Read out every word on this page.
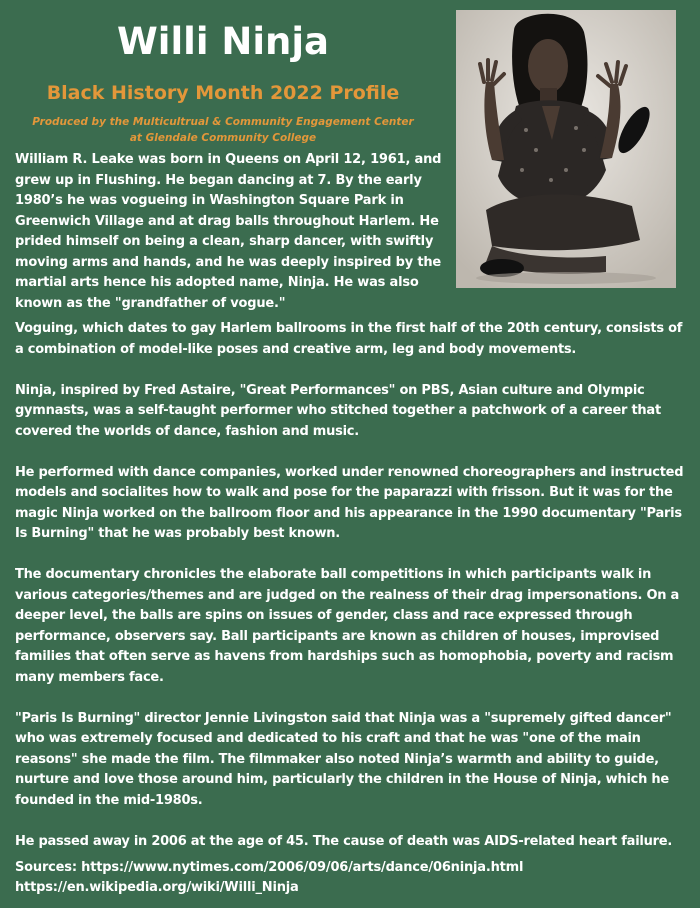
Willi Ninja
Black History Month 2022 Profile
Produced by the Multicultrual & Community Engagement Center
at Glendale Community College
William R. Leake was born in Queens on April 12, 1961, and grew up in Flushing. He began dancing at 7. By the early 1980’s he was vogueing in Washington Square Park in Greenwich Village and at drag balls throughout Harlem. He prided himself on being a clean, sharp dancer, with swiftly moving arms and hands, and he was deeply inspired by the martial arts hence his adopted name, Ninja. He was also known as the "grandfather of vogue."

Voguing, which dates to gay Harlem ballrooms in the first half of the 20th century, consists of a combination of model-like poses and creative arm, leg and body movements.

Ninja, inspired by Fred Astaire, "Great Performances" on PBS, Asian culture and Olympic gymnasts, was a self-taught performer who stitched together a patchwork of a career that covered the worlds of dance, fashion and music.

He performed with dance companies, worked under renowned choreographers and instructed models and socialites how to walk and pose for the paparazzi with frisson. But it was for the magic Ninja worked on the ballroom floor and his appearance in the 1990 documentary "Paris Is Burning" that he was probably best known.

The documentary chronicles the elaborate ball competitions in which participants walk in various categories/themes and are judged on the realness of their drag impersonations. On a deeper level, the balls are spins on issues of gender, class and race expressed through performance, observers say. Ball participants are known as children of houses, improvised families that often serve as havens from hardships such as homophobia, poverty and racism many members face.

"Paris Is Burning" director Jennie Livingston said that Ninja was a "supremely gifted dancer" who was extremely focused and dedicated to his craft and that he was "one of the main reasons" she made the film. The filmmaker also noted Ninja’s warmth and ability to guide, nurture and love those around him, particularly the children in the House of Ninja, which he founded in the mid-1980s.

He passed away in 2006 at the age of 45. The cause of death was AIDS-related heart failure.

Sources: https://www.nytimes.com/2006/09/06/arts/dance/06ninja.html
https://en.wikipedia.org/wiki/Willi_Ninja
